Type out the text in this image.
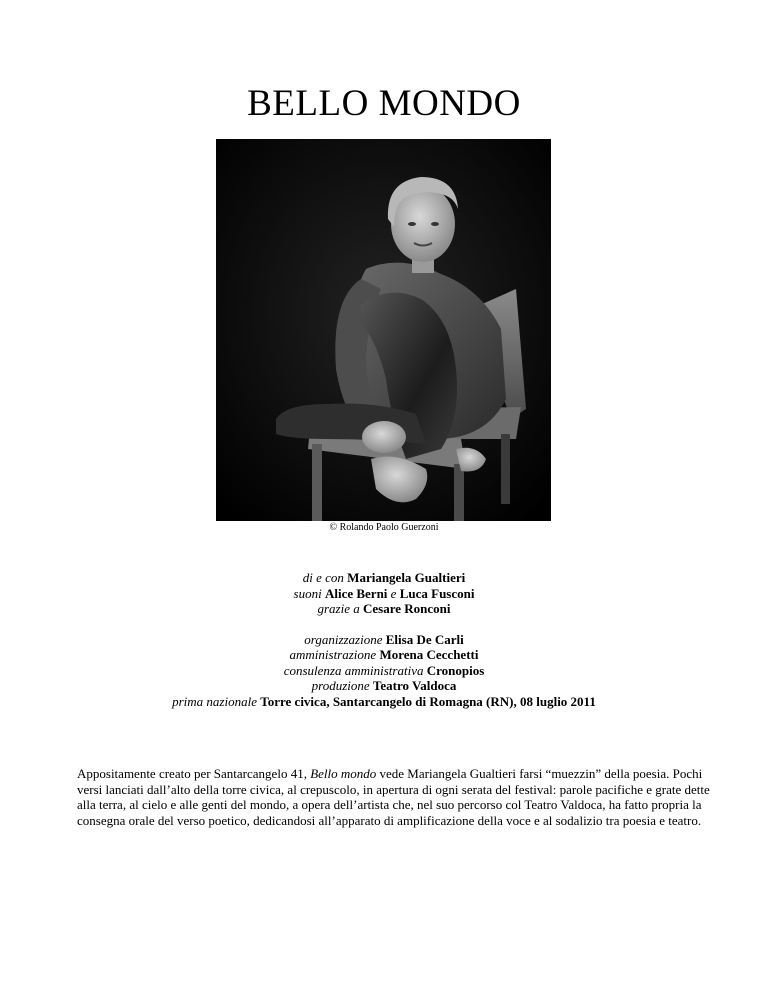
BELLO MONDO
© Rolando Paolo Guerzoni
di e con Mariangela Gualtieri
suoni Alice Berni e Luca Fusconi
grazie a Cesare Ronconi
organizzazione Elisa De Carli
amministrazione Morena Cecchetti
consulenza amministrativa Cronopios
produzione Teatro Valdoca
prima nazionale Torre civica, Santarcangelo di Romagna (RN), 08 luglio 2011
Appositamente creato per Santarcangelo 41, Bello mondo vede Mariangela Gualtieri farsi “muezzin” della poesia. Pochi versi lanciati dall’alto della torre civica, al crepuscolo, in apertura di ogni serata del festival: parole pacifiche e grate dette alla terra, al cielo e alle genti del mondo, a opera dell’artista che, nel suo percorso col Teatro Valdoca, ha fatto propria la consegna orale del verso poetico, dedicandosi all’apparato di amplificazione della voce e al sodalizio tra poesia e teatro.
